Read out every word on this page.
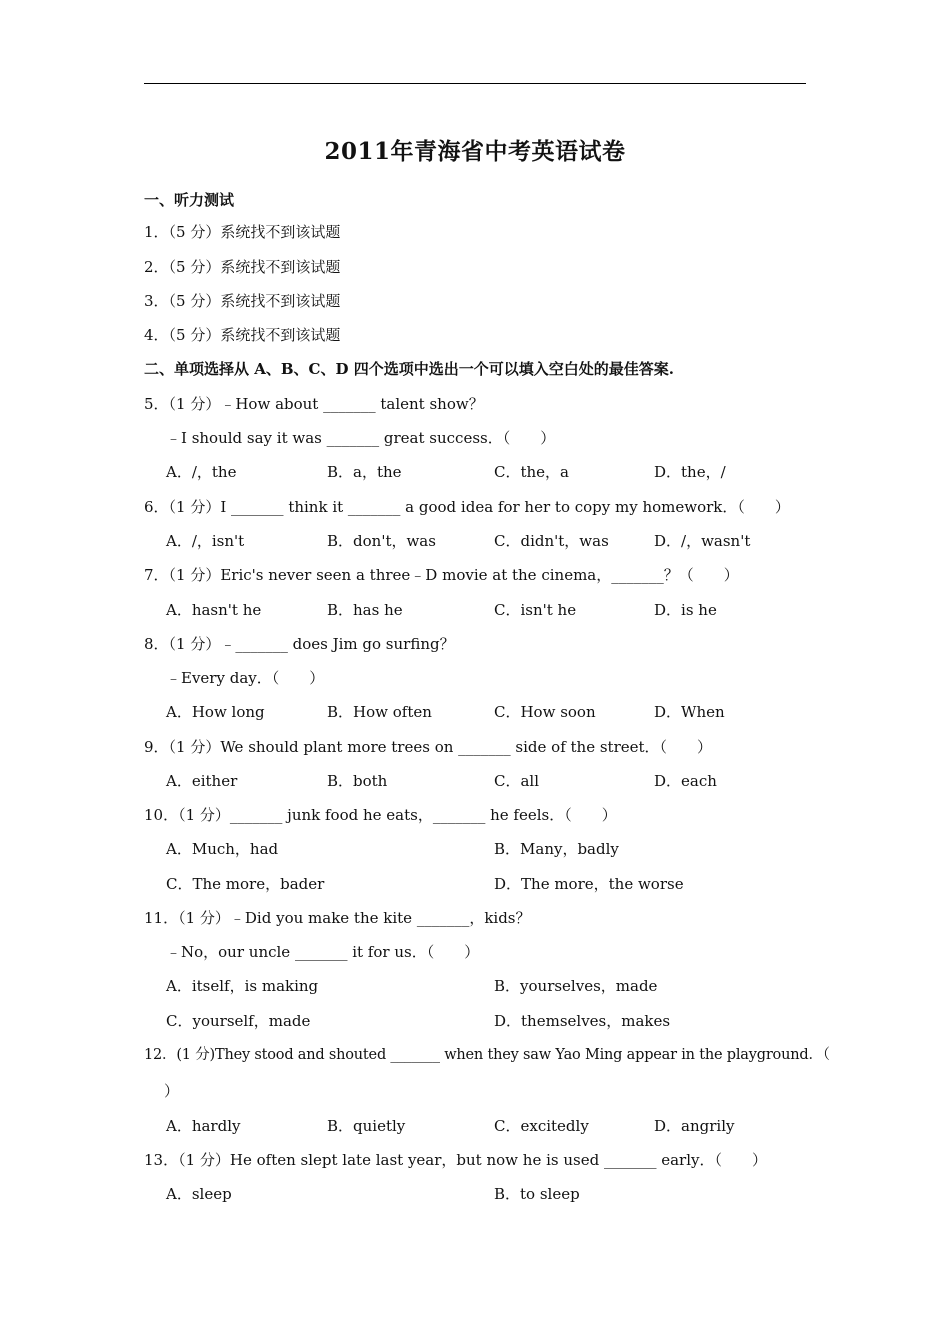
2011年青海省中考英语试卷
一、听力测试
1．（5 分）系统找不到该试题
2．（5 分）系统找不到该试题
3．（5 分）系统找不到该试题
4．（5 分）系统找不到该试题
二、单项选择从 A、B、C、D 四个选项中选出一个可以填入空白处的最佳答案.
5．（1 分）﹣How about _______ talent show？
﹣I should say it was _______ great success．（　　）
A．/，the	B．a，the	C．the，a	D．the，/
6．（1 分）I _______ think it _______ a good idea for her to copy my homework．（　　）
A．/，isn't	B．don't，was	C．didn't，was	D．/，wasn't
7．（1 分）Eric's never seen a three﹣D movie at the cinema，_______？（　　）
A．hasn't he	B．has he	C．isn't he	D．is he
8．（1 分）﹣_______ does Jim go surfing？
﹣Every day．（　　）
A．How long	B．How often	C．How soon	D．When
9．（1 分）We should plant more trees on _______ side of the street．（　　）
A．either	B．both	C．all	D．each
10．（1 分）_______ junk food he eats，_______ he feels．（　　）
A．Much，had	B．Many，badly
C．The more，bader	D．The more，the worse
11．（1 分）﹣Did you make the kite _______，kids？
﹣No，our uncle _______ it for us．（　　）
A．itself，is making	B．yourselves，made
C．yourself，made	D．themselves，makes
12．(1 分)They stood and shouted _______ when they saw Yao Ming appear in the playground．（
）
A．hardly	B．quietly	C．excitedly	D．angrily
13．（1 分）He often slept late last year，but now he is used _______ early．（　　）
A．sleep	B．to sleep
